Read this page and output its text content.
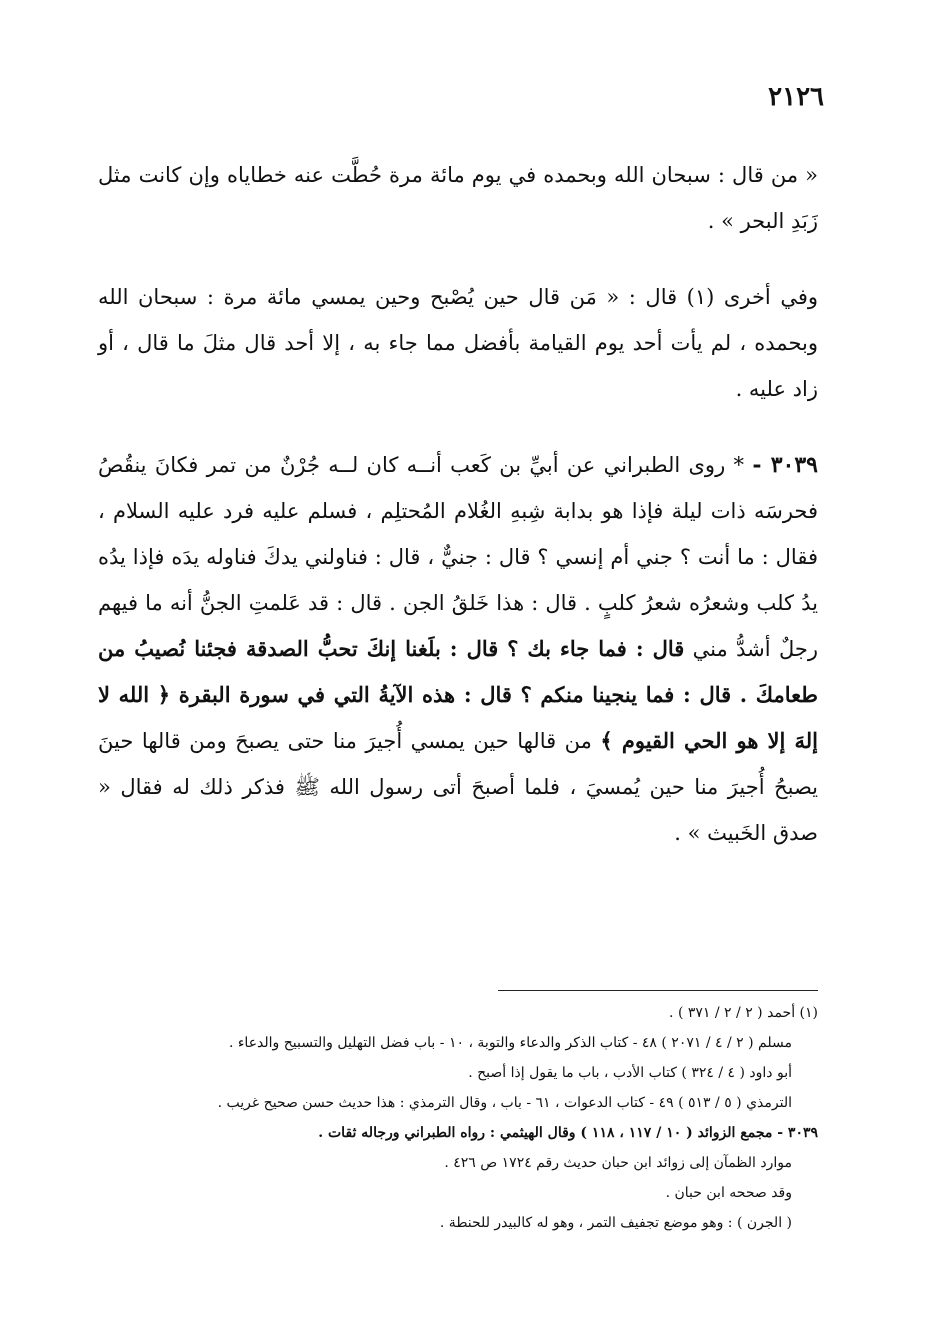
٢١٢٦

« من قال : سبحان الله وبحمده في يوم مائة مرة حُطَّت عنه خطاياه وإن كانت مثل زَبَدِ البحر » .

وفي أخرى (١) قال : « مَن قال حين يُصْبح وحين يمسي مائة مرة : سبحان الله وبحمده ، لم يأت أحد يوم القيامة بأفضل مما جاء به ، إلا أحد قال مثلَ ما قال ، أو زاد عليه .

٣٠٣٩ - * روى الطبراني عن أبيِّ بن كَعب أنــه كان لــه جُرْنٌ من تمر فكانَ ينقُصُ فحرسَه ذات ليلة فإذا هو بدابة شِبهِ الغُلام المُحتلِم ، فسلم عليه فرد عليه السلام ، فقال : ما أنت ؟ جني أم إنسي ؟ قال : جنيٌّ ، قال : فناولني يدكَ فناوله يدَه فإذا يدُه يدُ كلب وشعرُه شعرُ كلبٍ . قال : هذا خَلقُ الجن . قال : قد عَلمتِ الجنُّ أنه ما فيهم رجلٌ أشدُّ مني قال : فما جاء بك ؟ قال : بلَغنا إنكَ تحبُّ الصدقة فجئنا نُصيبُ من طعامكَ . قال : فما ينجينا منكم ؟ قال : هذه الآيةُ التي في سورة البقرة ﴿ الله لا إلهَ إلا هو الحي القيوم ﴾ من قالها حين يمسي أُجيرَ منا حتى يصبحَ ومن قالها حينَ يصبحُ أُجيرَ منا حين يُمسيَ ، فلما أصبحَ أتى رسول الله ﷺ فذكر ذلك له فقال « صدق الخَبيث » .

(١) أحمد ( ٢ / ٢ / ٣٧١ ) .

مسلم ( ٢ / ٤ / ٢٠٧١ ) ٤٨ - كتاب الذكر والدعاء والتوبة ، ١٠ - باب فضل التهليل والتسبيح والدعاء .

أبو داود ( ٤ / ٣٢٤ ) كتاب الأدب ، باب ما يقول إذا أصبح .

الترمذي ( ٥ / ٥١٣ ) ٤٩ - كتاب الدعوات ، ٦١ - باب ، وقال الترمذي : هذا حديث حسن صحيح غريب .

٣٠٣٩ - مجمع الزوائد ( ١٠ / ١١٧ ، ١١٨ ) وقال الهيثمي : رواه الطبراني ورجاله ثقات .

موارد الظمآن إلى زوائد ابن حبان حديث رقم ١٧٢٤ ص ٤٢٦ .

وقد صححه ابن حبان .

( الجرن ) : وهو موضع تجفيف التمر ، وهو له كالبيدر للحنطة .
